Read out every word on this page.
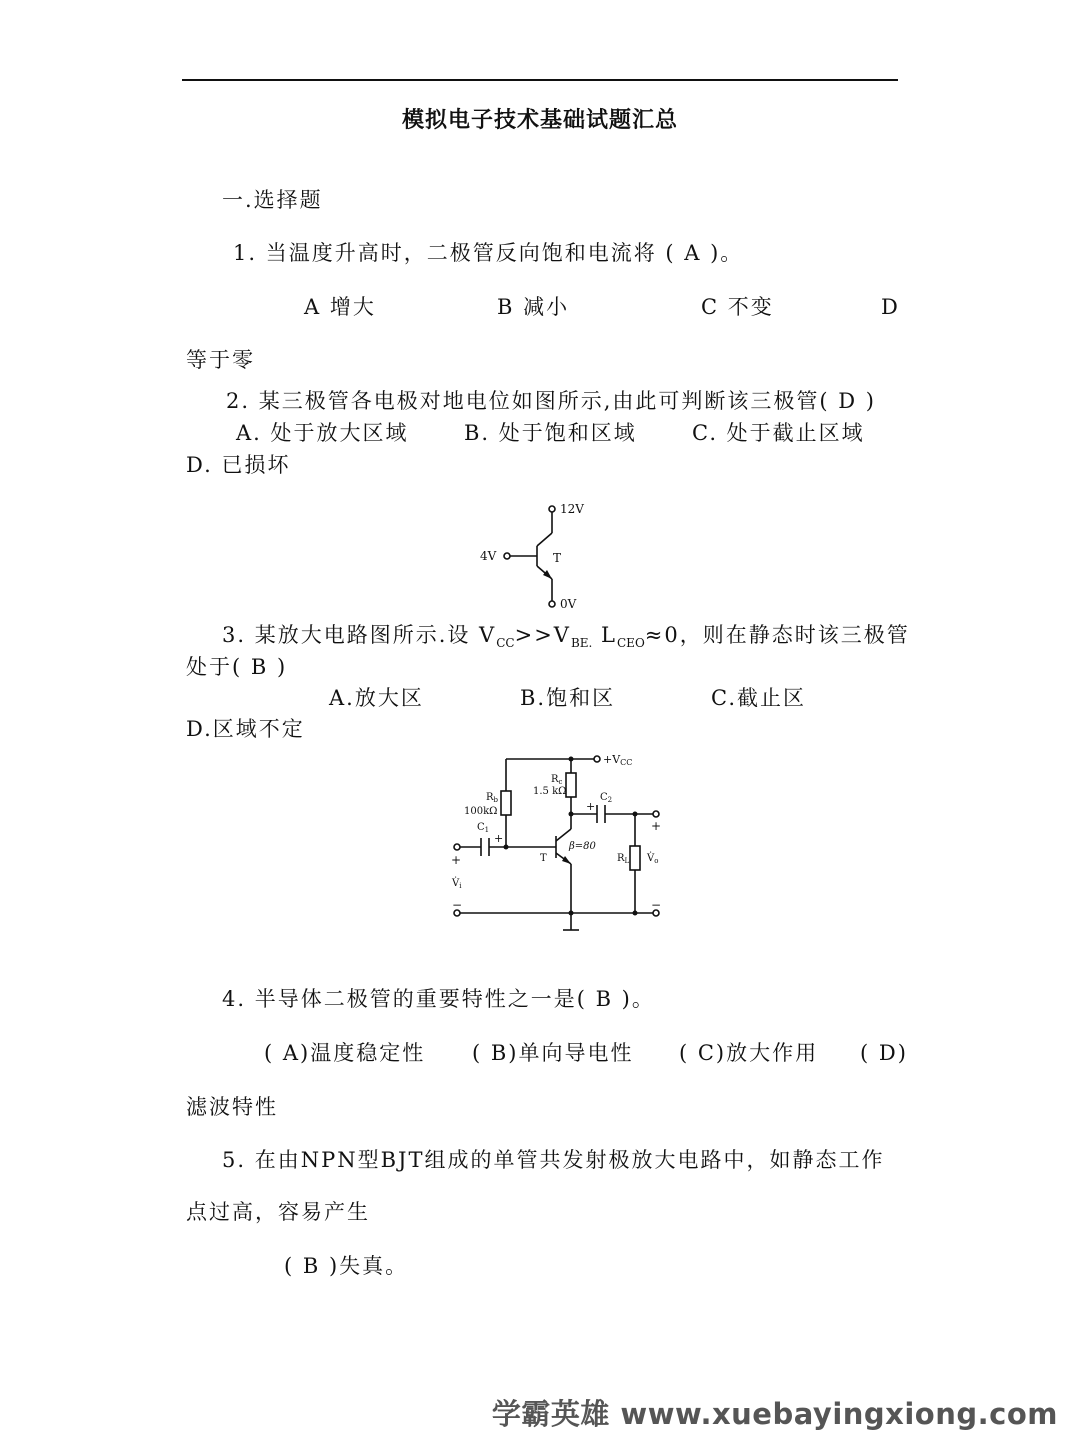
模拟电子技术基础试题汇总
一.选择题
1. 当温度升高时，二极管反向饱和电流将 ( A )。
A 增大	B 减小	C 不变	D
等于零
2. 某三极管各电极对地电位如图所示,由此可判断该三极管( D )
A. 处于放大区域	B. 处于饱和区域	C. 处于截止区域
D. 已损坏
12V
4V	T
0V
3. 某放大电路图所示.设 $V_{CC}>>V_{BE.}$ $L_{CEO}\approx 0$，则在静态时该三极管
处于( B )
A.放大区	B.饱和区	C.截止区
D.区域不定
+VCC
$R_c$
1.5 kΩ
$R_b$
100kΩ
$C_1$
+
$C_2$
+
β=80
T	$R_L$ $V̇_o$
+
+
$V̇_i$
−	−
4. 半导体二极管的重要特性之一是( B )。
( A)温度稳定性 ( B)单向导电性 ( C)放大作用 ( D)
滤波特性
5. 在由NPN型BJT组成的单管共发射极放大电路中，如静态工作
点过高，容易产生
( B )失真。
学霸英雄 www.xuebayingxiong.com
